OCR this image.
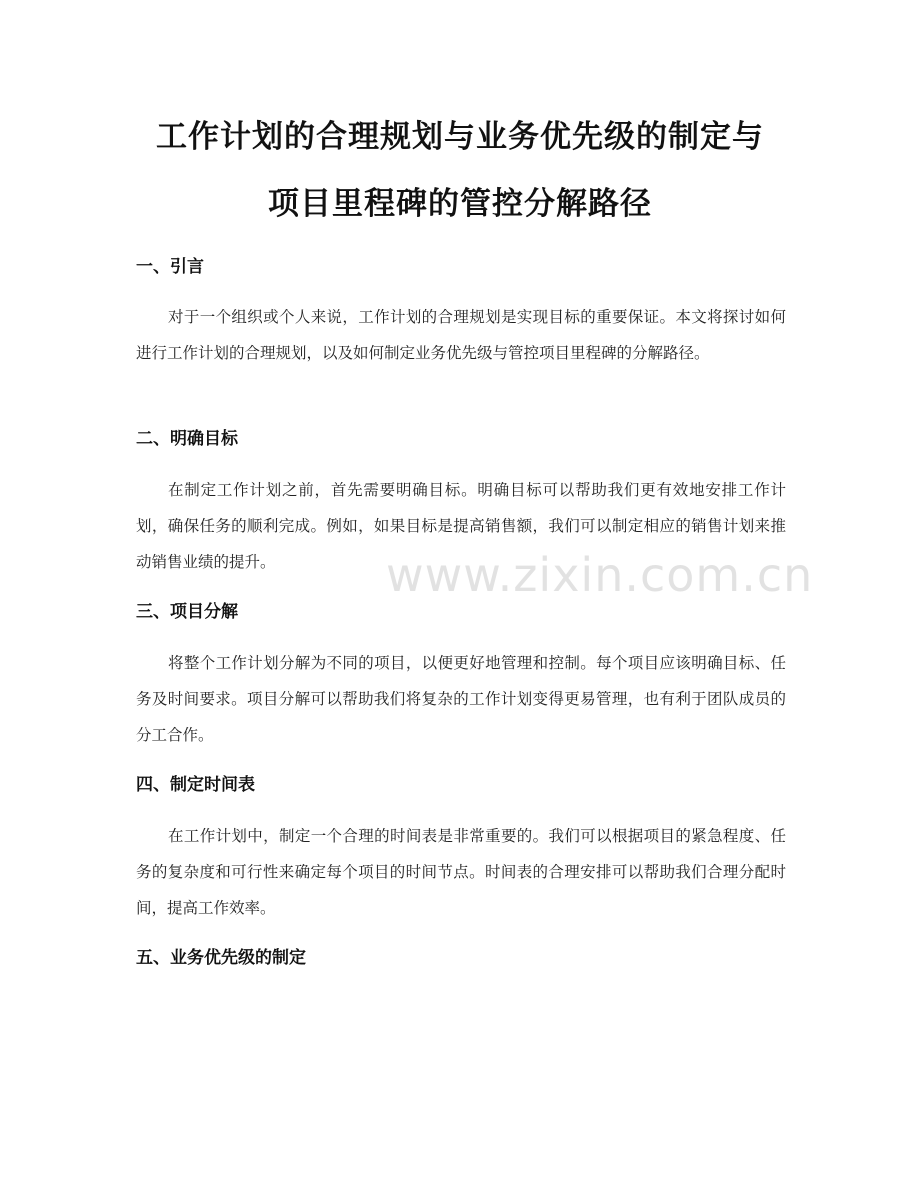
工作计划的合理规划与业务优先级的制定与
项目里程碑的管控分解路径
一、引言

对于一个组织或个人来说，工作计划的合理规划是实现目标的重要保证。本文将探讨如何进行工作计划的合理规划，以及如何制定业务优先级与管控项目里程碑的分解路径。

二、明确目标

在制定工作计划之前，首先需要明确目标。明确目标可以帮助我们更有效地安排工作计划，确保任务的顺利完成。例如，如果目标是提高销售额，我们可以制定相应的销售计划来推动销售业绩的提升。

三、项目分解

将整个工作计划分解为不同的项目，以便更好地管理和控制。每个项目应该明确目标、任务及时间要求。项目分解可以帮助我们将复杂的工作计划变得更易管理，也有利于团队成员的分工合作。

四、制定时间表

在工作计划中，制定一个合理的时间表是非常重要的。我们可以根据项目的紧急程度、任务的复杂度和可行性来确定每个项目的时间节点。时间表的合理安排可以帮助我们合理分配时间，提高工作效率。

五、业务优先级的制定
www.zixin.com.cn
